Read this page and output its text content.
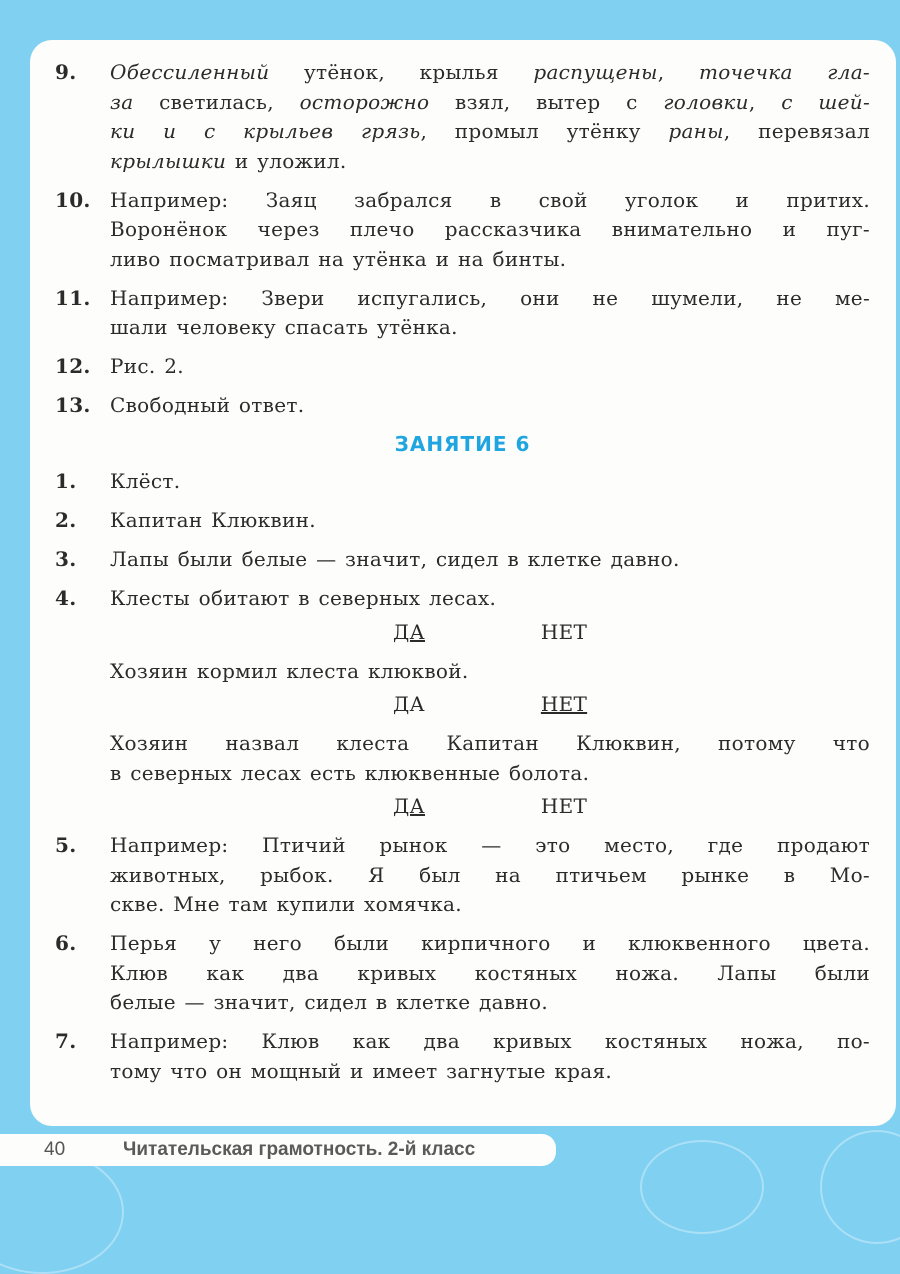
9.	Обессиленный утёнок, крылья распущены, точечка гла-
за светилась, осторожно взял, вытер с головки, с шей-
ки и с крыльев грязь, промыл утёнку раны, перевязал
крылышки и уложил.
10. Например: Заяц забрался в свой уголок и притих.
Воронёнок через плечо рассказчика внимательно и пуг-
ливо посматривал на утёнка и на бинты.
11. Например: Звери испугались, они не шумели, не ме-
шали человеку спасать утёнка.
12. Рис. 2.
13. Свободный ответ.
ЗАНЯТИЕ 6
1.	Клёст.
2.	Капитан Клюквин.
3.	Лапы были белые — значит, сидел в клетке давно.
4.	Клесты обитают в северных лесах.
ДА	НЕТ
Хозяин кормил клеста клюквой.
ДА	НЕТ
Хозяин назвал клеста Капитан Клюквин, потому что
в северных лесах есть клюквенные болота.
ДА	НЕТ
5.	Например: Птичий рынок — это место, где продают
животных, рыбок. Я был на птичьем рынке в Мо-
скве. Мне там купили хомячка.
6.	Перья у него были кирпичного и клюквенного цвета.
Клюв как два кривых костяных ножа. Лапы были
белые — значит, сидел в клетке давно.
7.	Например: Клюв как два кривых костяных ножа, по-
тому что он мощный и имеет загнутые края.
40	Читательская грамотность. 2-й класс
